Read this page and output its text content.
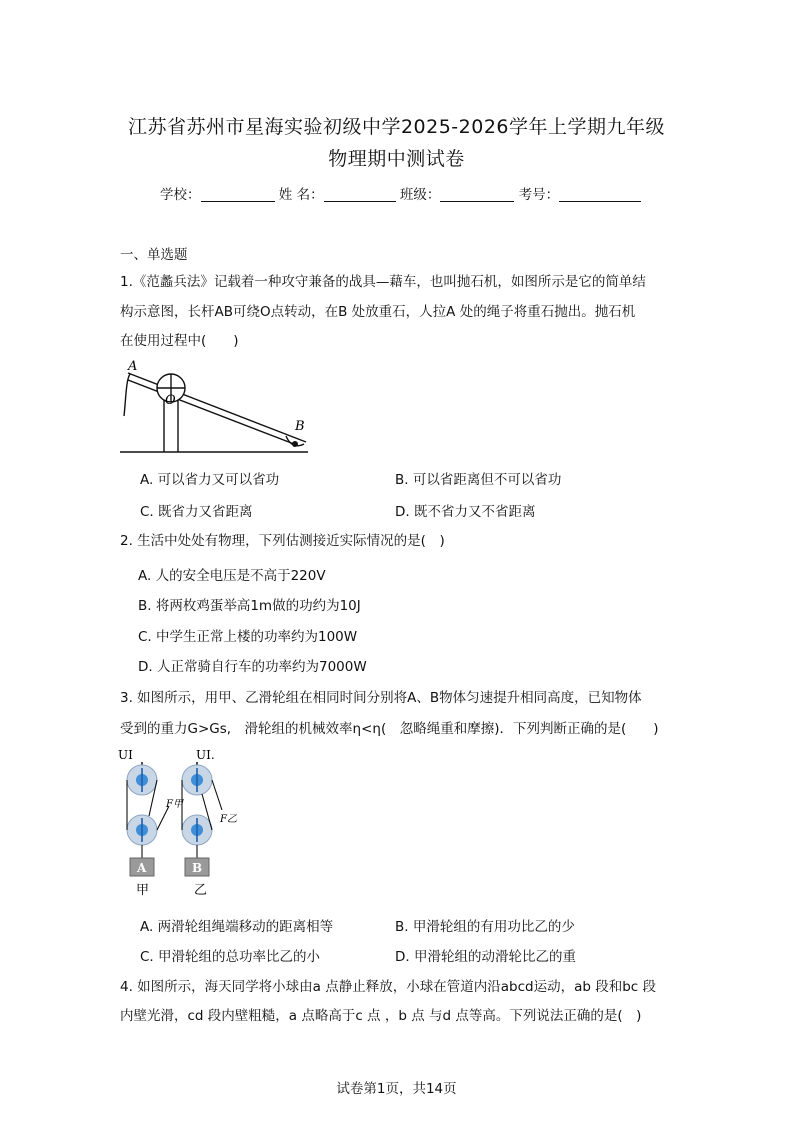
江苏省苏州市星海实验初级中学2025-2026学年上学期九年级
物理期中测试卷
学校：	姓 名：	班级：	考号：
一、单选题
1.《范蠡兵法》记载着一种攻守兼备的战具—藉车，也叫抛石机，如图所示是它的简单结
构示意图，长杆AB可绕O点转动，在B 处放重石，人拉A 处的绳子将重石抛出。抛石机
在使用过程中(　　)
A
O
B
A. 可以省力又可以省功	B. 可以省距离但不可以省功
C. 既省力又省距离	D. 既不省力又不省距离
2. 生活中处处有物理，下列估测接近实际情况的是(　)
A. 人的安全电压是不高于220V
B. 将两枚鸡蛋举高1m做的功约为10J
C. 中学生正常上楼的功率约为100W
D. 人正常骑自行车的功率约为7000W
3. 如图所示，用甲、乙滑轮组在相同时间分别将A、B物体匀速提升相同高度，已知物体
受到的重力G>Gs,　滑轮组的机械效率η<η(　忽略绳重和摩擦)．下列判断正确的是(　　)
UI	UI.
F甲
A
F乙
B
甲	乙
A. 两滑轮组绳端移动的距离相等	B. 甲滑轮组的有用功比乙的少
C. 甲滑轮组的总功率比乙的小	D. 甲滑轮组的动滑轮比乙的重
4. 如图所示，海天同学将小球由a 点静止释放，小球在管道内沿abcd运动，ab 段和bc 段
内壁光滑，cd 段内壁粗糙，a 点略高于c 点 ，b 点 与d 点等高。下列说法正确的是(　)
试卷第1页，共14页
